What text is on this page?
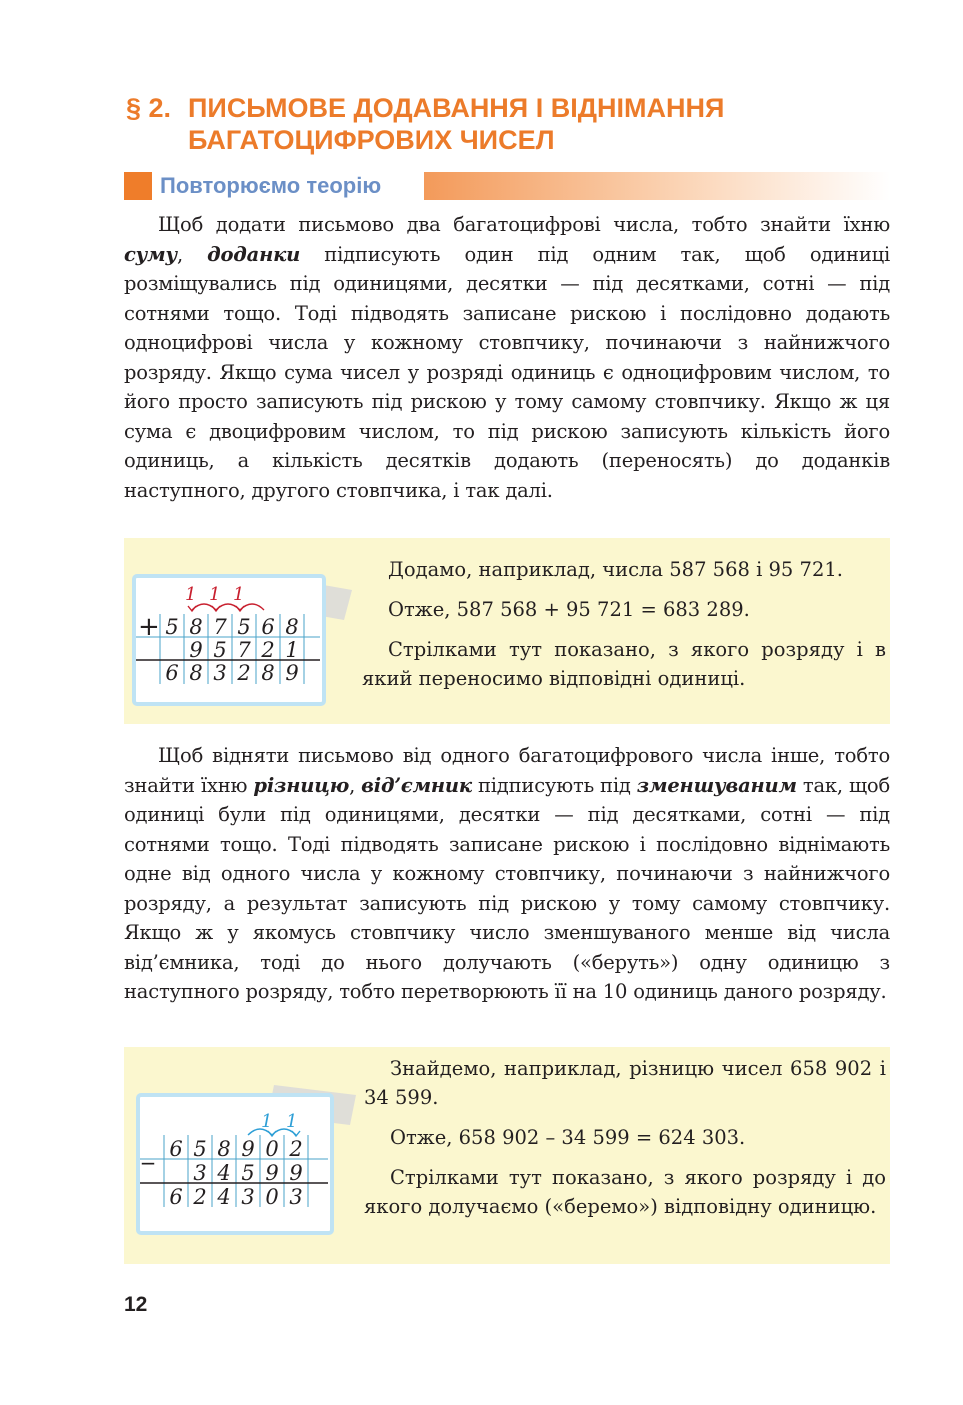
§ 2. ПИСЬМОВЕ ДОДАВАННЯ І ВІДНІМАННЯ
БАГАТОЦИФРОВИХ ЧИСЕЛ
Повторюємо теорію

Щоб додати письмово два багатоцифрові числа, тобто знайти їхню суму, доданки підписують один під одним так, щоб одиниці розміщувались під одиницями, десятки — під десятками, сотні — під сотнями тощо. Тоді підводять записане рискою і послідовно додають одноцифрові числа у кожному стовпчику, починаючи з найнижчого розряду. Якщо сума чисел у розряді одиниць є одноцифровим числом, то його просто записують під рискою у тому самому стовпчику. Якщо ж ця сума є двоцифровим числом, то під рискою записують кількість його одиниць, а кількість десятків додають (переносять) до доданків наступного, другого стовпчика, і так далі.

+
1 1 1
5 8 7 5 6 8
9 5 7 2 1
6 8 3 2 8 9

Додамо, наприклад, числа 587 568 і 95 721.

Отже, 587 568 + 95 721 = 683 289.

Стрілками тут показано, з якого розряду і в який переносимо відповідні одиниці.

Щоб відняти письмово від одного багатоцифрового числа інше, тобто знайти їхню різницю, від’ємник підписують під зменшуваним так, щоб одиниці були під одиницями, десятки — під десятками, сотні — під сотнями тощо. Тоді підводять записане рискою і послідовно віднімають одне від одного числа у кожному стовпчику, починаючи з найнижчого розряду, а результат записують під рискою у тому самому стовпчику. Якщо ж у якомусь стовпчику число зменшуваного менше від числа від’ємника, тоді до нього долучають («беруть») одну одиницю з наступного розряду, тобто перетворюють її на 10 одиниць даного розряду.

_
1 1
6 5 8 9 0 2
3 4 5 9 9
6 2 4 3 0 3

Знайдемо, наприклад, різницю чисел 658 902 і 34 599.

Отже, 658 902 – 34 599 = 624 303.

Стрілками тут показано, з якого розряду і до якого долучаємо («беремо») відповідну одиницю.

12
